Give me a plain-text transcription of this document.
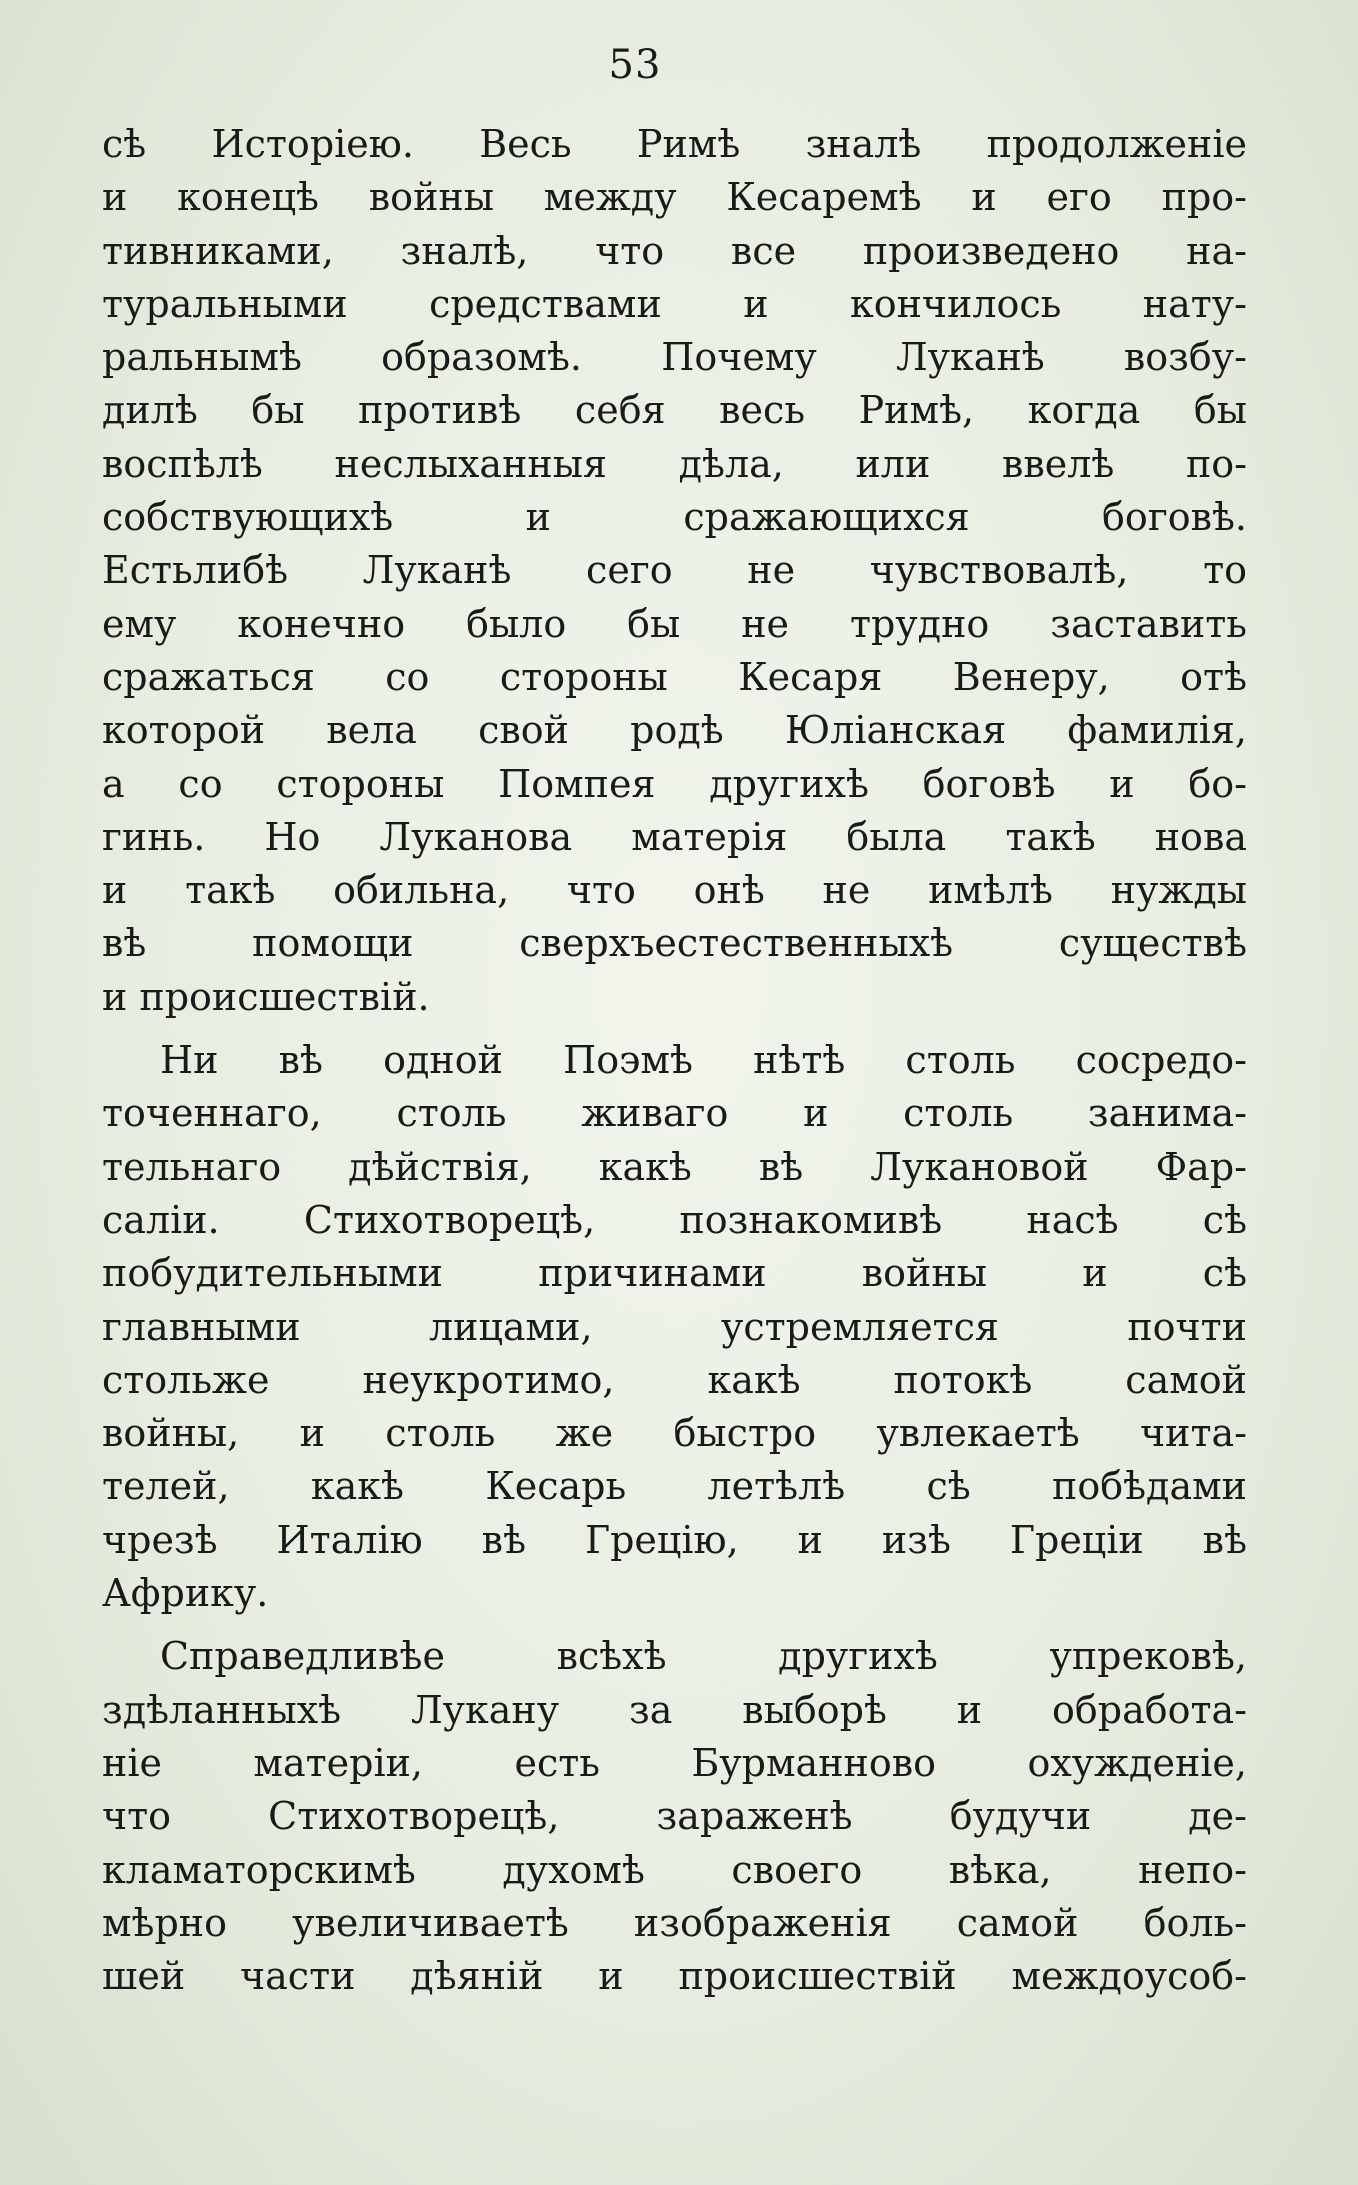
53
сѣ Исторіею. Весь Римѣ зналѣ продолженіе
и конецѣ войны между Кесаремѣ и его про-
тивниками, зналѣ, что все произведено на-
туральными средствами и кончилось нату-
ральнымѣ образомѣ. Почему Луканѣ возбу-
дилѣ бы противѣ себя весь Римѣ, когда бы
воспѣлѣ неслыханныя дѣла, или ввелѣ по-
собствующихѣ и сражающихся боговѣ.
Естьлибѣ Луканѣ сего не чувствовалѣ, то
ему конечно было бы не трудно заставить
сражаться со стороны Кесаря Венеру, отѣ
которой вела свой родѣ Юліанская фамилія,
а со стороны Помпея другихѣ боговѣ и бо-
гинь. Но Луканова матерія была такѣ нова
и такѣ обильна, что онѣ не имѣлѣ нужды
вѣ помощи сверхъестественныхѣ существѣ
и происшествій.
Ни вѣ одной Поэмѣ нѣтѣ столь сосредо-
точеннаго, столь живаго и столь занима-
тельнаго дѣйствія, какѣ вѣ Лукановой Фар-
саліи. Стихотворецѣ, познакомивѣ насѣ сѣ
побудительными причинами войны и сѣ
главными лицами, устремляется почти
стольже неукротимо, какѣ потокѣ самой
войны, и столь же быстро увлекаетѣ чита-
телей, какѣ Кесарь летѣлѣ сѣ побѣдами
чрезѣ Италію вѣ Грецію, и изѣ Греціи вѣ
Африку.
Справедливѣе всѣхѣ другихѣ упрековѣ,
здѣланныхѣ Лукану за выборѣ и обработа-
ніе матеріи, есть Бурманново охужденіе,
что Стихотворецѣ, зараженѣ будучи де-
кламаторскимѣ духомѣ своего вѣка, непо-
мѣрно увеличиваетѣ изображенія самой боль-
шей части дѣяній и происшествій междоусоб-
